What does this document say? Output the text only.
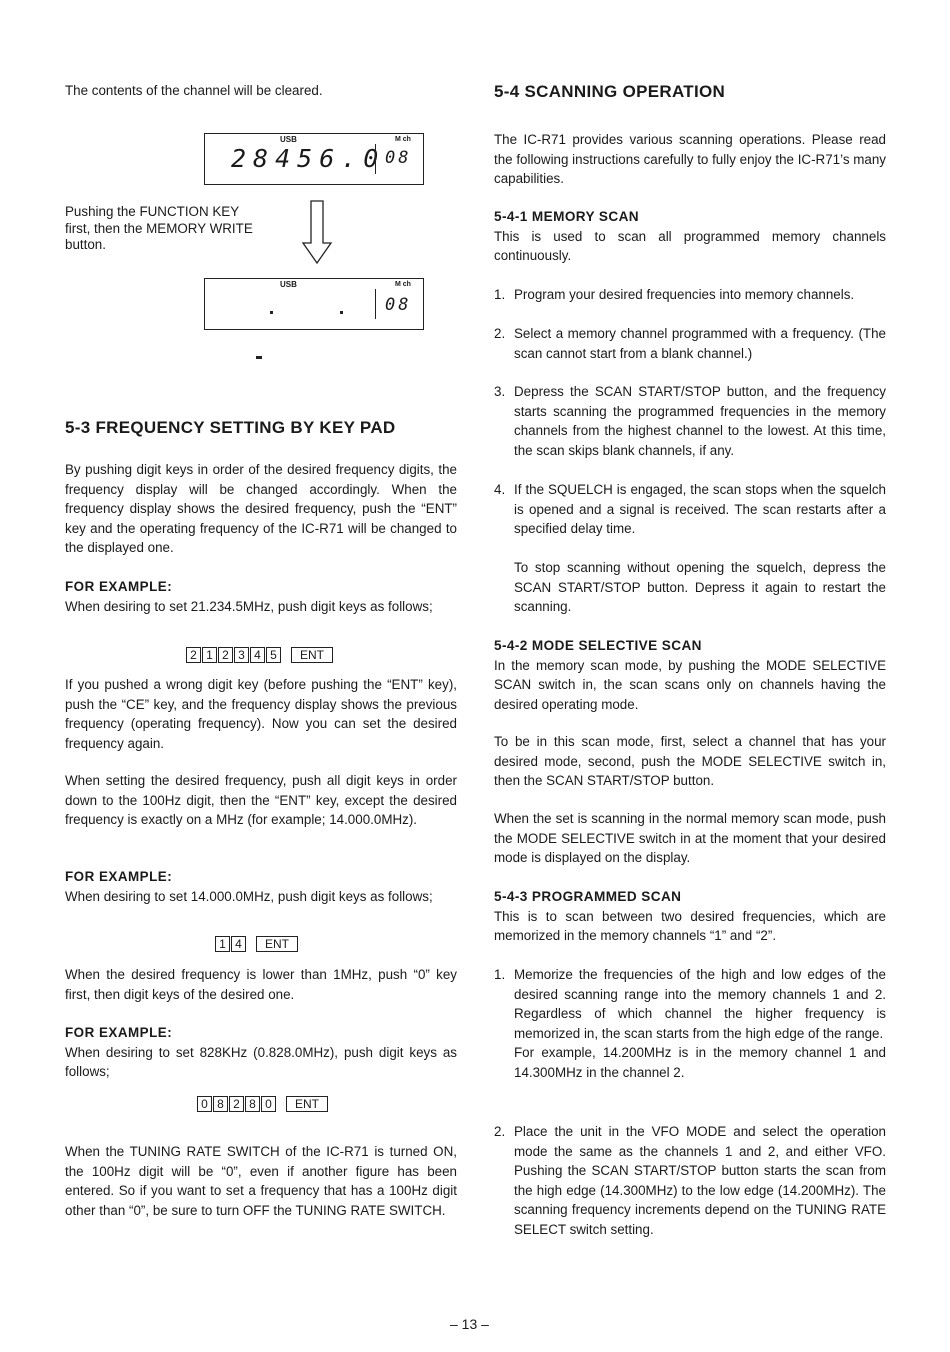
The contents of the channel will be cleared.

USB	M ch
28456.0 08
Pushing the FUNCTION KEY
first, then the MEMORY WRITE
button.
USB	M ch
08
5-3 FREQUENCY SETTING BY KEY PAD

By pushing digit keys in order of the desired frequency digits, the frequency display will be changed accordingly. When the frequency display shows the desired frequency, push the “ENT” key and the operating frequency of the IC-R71 will be changed to the displayed one.

FOR EXAMPLE:

When desiring to set 21.234.5MHz, push digit keys as follows;

2 1 2 3 4 5	ENT

If you pushed a wrong digit key (before pushing the “ENT” key), push the “CE” key, and the frequency display shows the previous frequency (operating frequency). Now you can set the desired frequency again.

When setting the desired frequency, push all digit keys in order down to the 100Hz digit, then the “ENT” key, except the desired frequency is exactly on a MHz (for example; 14.000.0MHz).

FOR EXAMPLE:

When desiring to set 14.000.0MHz, push digit keys as follows;

1 4	ENT

When the desired frequency is lower than 1MHz, push “0” key first, then digit keys of the desired one.

FOR EXAMPLE:

When desiring to set 828KHz (0.828.0MHz), push digit keys as follows;

0 8 2 8 0	ENT

When the TUNING RATE SWITCH of the IC-R71 is turned ON, the 100Hz digit will be “0”, even if another figure has been entered. So if you want to set a frequency that has a 100Hz digit other than “0”, be sure to turn OFF the TUNING RATE SWITCH.

5-4 SCANNING OPERATION

The IC-R71 provides various scanning operations. Please read the following instructions carefully to fully enjoy the IC-R71’s many capabilities.

5-4-1 MEMORY SCAN

This is used to scan all programmed memory channels continuously.

1. Program your desired frequencies into memory channels.
2. Select a memory channel programmed with a frequency. (The scan cannot start from a blank channel.)
3. Depress the SCAN START/STOP button, and the frequency starts scanning the programmed frequencies in the memory channels from the highest channel to the lowest. At this time, the scan skips blank channels, if any.
4. If the SQUELCH is engaged, the scan stops when the squelch is opened and a signal is received. The scan restarts after a specified delay time.

To stop scanning without opening the squelch, depress the SCAN START/STOP button. Depress it again to restart the scanning.

5-4-2 MODE SELECTIVE SCAN

In the memory scan mode, by pushing the MODE SELECTIVE SCAN switch in, the scan scans only on channels having the desired operating mode.

To be in this scan mode, first, select a channel that has your desired mode, second, push the MODE SELECTIVE switch in, then the SCAN START/STOP button.

When the set is scanning in the normal memory scan mode, push the MODE SELECTIVE switch in at the moment that your desired mode is displayed on the display.

5-4-3 PROGRAMMED SCAN

This is to scan between two desired frequencies, which are memorized in the memory channels “1” and “2”.

1. Memorize the frequencies of the high and low edges of the desired scanning range into the memory channels 1 and 2. Regardless of which channel the higher frequency is memorized in, the scan starts from the high edge of the range.
For example, 14.200MHz is in the memory channel 1 and 14.300MHz in the channel 2.
2. Place the unit in the VFO MODE and select the operation mode the same as the channels 1 and 2, and either VFO. Pushing the SCAN START/STOP button starts the scan from the high edge (14.300MHz) to the low edge (14.200MHz). The scanning frequency increments depend on the TUNING RATE SELECT switch setting.
– 13 –
